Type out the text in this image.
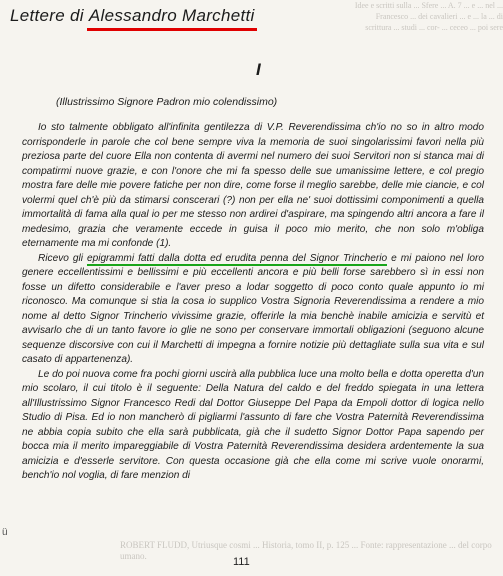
Idee e scritti sulla ... Sfere ... A. 7 ... e ... nel ... Francesco ... dei cavalieri ... e ... la ... di scrittura ... studi ... cor- ... ceceo ... poi sere
Lettere di Alessandro Marchetti
I
(Illustrissimo Signore Padron mio colendissimo)

Io sto talmente obbligato all'infinita gentilezza di V.P. Reverendissima ch'io no so in altro modo corrisponderle in parole che col bene sempre viva la memoria de suoi singolarissimi favori nella più preziosa parte del cuore Ella non contenta di avermi nel numero dei suoi Servitori non si stanca mai di compatirmi nuove grazie, e con l'onore che mi fa spesso delle sue umanissime lettere, e col pregio mostra fare delle mie povere fatiche per non dire, come forse il meglio sarebbe, delle mie ciancie, e col volermi quel ch'è più da stimarsi conscerari (?) non per ella ne' suoi dottissimi componimenti a quella immortalità di fama alla qual io per me stesso non ardirei d'aspirare, ma spingendo altri ancora a fare il medesimo, grazia che veramente eccede in guisa il poco mio merito, che non solo m'obliga eternamente ma mi confonde (1).

Ricevo gli epigrammi fatti dalla dotta ed erudita penna del Signor Trincherio
e mi paiono nel loro genere eccellentissimi e bellissimi e più eccellenti ancora e più belli forse sarebbero sì in essi non fosse un difetto considerabile e l'aver preso a lodar soggetto di poco conto quale appunto io mi riconosco. Ma comunque si stia la cosa io supplico Vostra Signoria Reverendissima a rendere a mio nome al detto Signor Trincherio vivissime grazie, offerirle la mia benchè inabile amicizia e servitù et avvisarlo che di un tanto favore io glie ne sono per conservare immortali obligazioni (seguono alcune sequenze discorsive con cui il Marchetti di impegna a fornire notizie più dettagliate sulla sua vita e sul casato di appartenenza).

Le do poi nuova come fra pochi giorni uscirà alla pubblica luce una molto bella e dotta operetta d'un mio scolaro, il cui titolo è il seguente: Della Natura del caldo e del freddo spiegata in una lettera all'Illustrissimo Signor Francesco Redi dal Dottor Giuseppe Del Papa da Empoli dottor di logica nello Studio di Pisa. Ed io non mancherò di pigliarmi l'assunto di fare che Vostra Paternità Reverendissima ne abbia copia subito che ella sarà pubblicata, già che il sudetto Signor Dottor Papa sapendo per bocca mia il merito impareggiabile di Vostra Paternità Reverendissima desidera ardentemente la sua amicizia e d'esserle servitore. Con questa occasione già che ella come mi scrive vuole onorarmi, bench'io nol voglia, di fare menzion di

ü
ROBERT FLUDD, Utriusque cosmi ... Historia, tomo II, p. 125 ... Fonte: rappresentazione ... del corpo umano.	111
